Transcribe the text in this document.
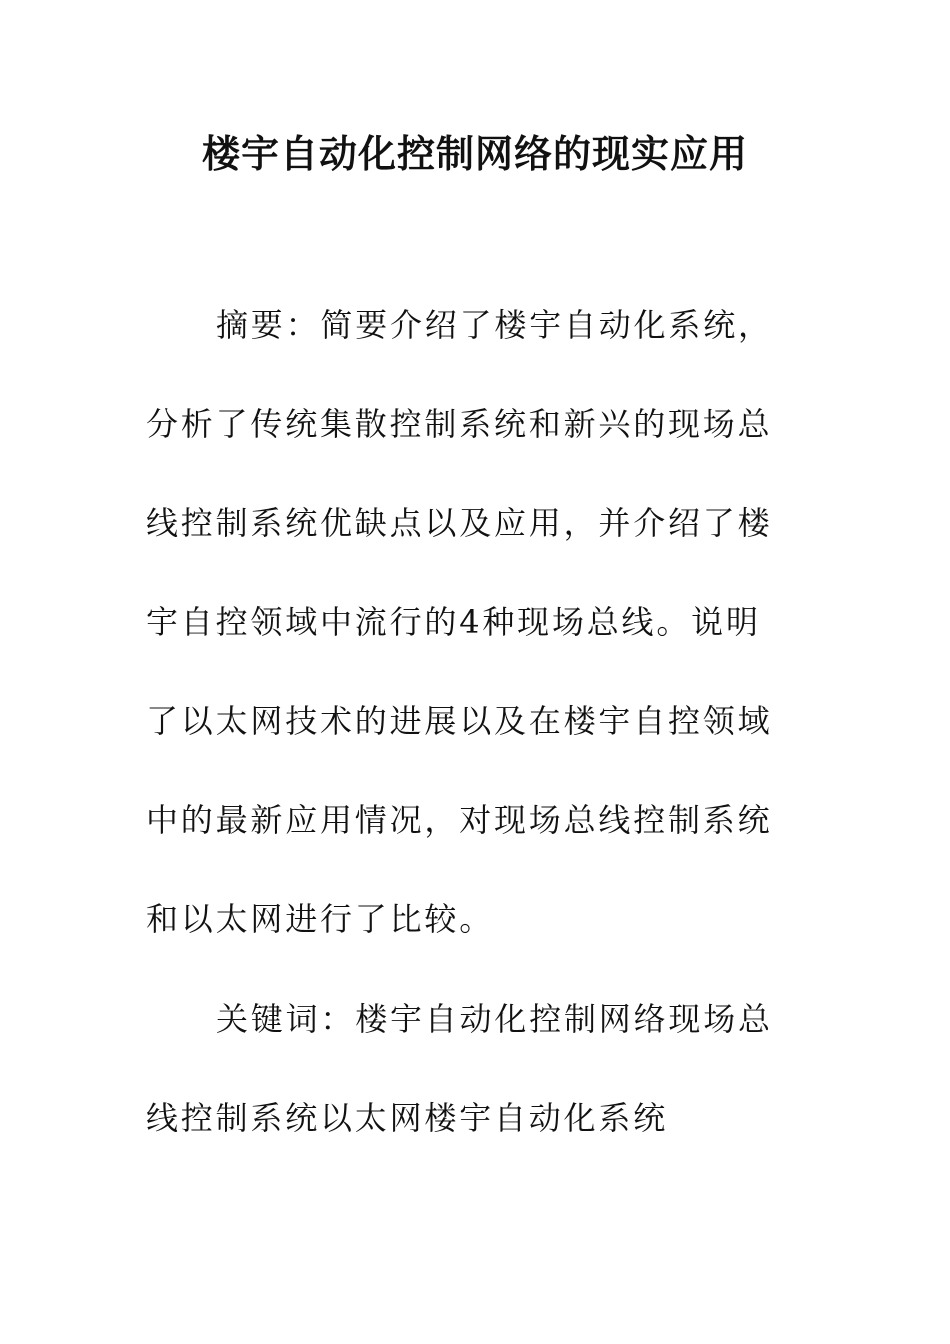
楼宇自动化控制网络的现实应用

摘要：简要介绍了楼宇自动化系统，分析了传统集散控制系统和新兴的现场总线控制系统优缺点以及应用，并介绍了楼宇自控领域中流行的4种现场总线。说明了以太网技术的进展以及在楼宇自控领域中的最新应用情况，对现场总线控制系统和以太网进行了比较。

关键词：楼宇自动化控制网络现场总线控制系统以太网楼宇自动化系统
